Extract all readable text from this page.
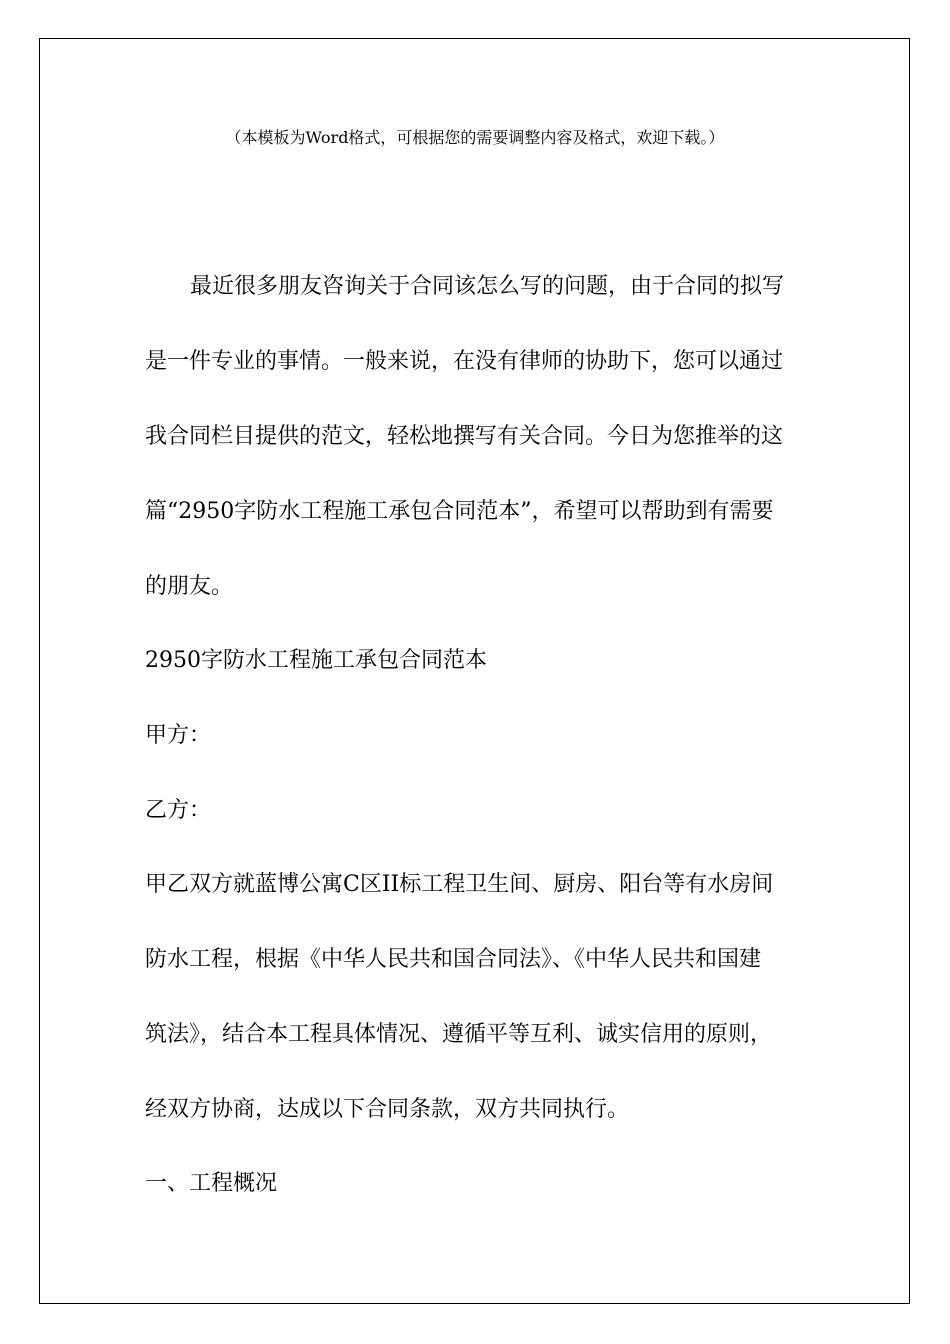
（本模板为Word格式，可根据您的需要调整内容及格式，欢迎下载。）
最近很多朋友咨询关于合同该怎么写的问题，由于合同的拟写
是一件专业的事情。一般来说，在没有律师的协助下，您可以通过
我合同栏目提供的范文，轻松地撰写有关合同。今日为您推举的这
篇“2950字防水工程施工承包合同范本”，希望可以帮助到有需要
的朋友。
2950字防水工程施工承包合同范本
甲方：
乙方：
甲乙双方就蓝博公寓C区II标工程卫生间、厨房、阳台等有水房间
防水工程，根据《中华人民共和国合同法》、《中华人民共和国建
筑法》，结合本工程具体情况、遵循平等互利、诚实信用的原则，
经双方协商，达成以下合同条款，双方共同执行。
一、工程概况
